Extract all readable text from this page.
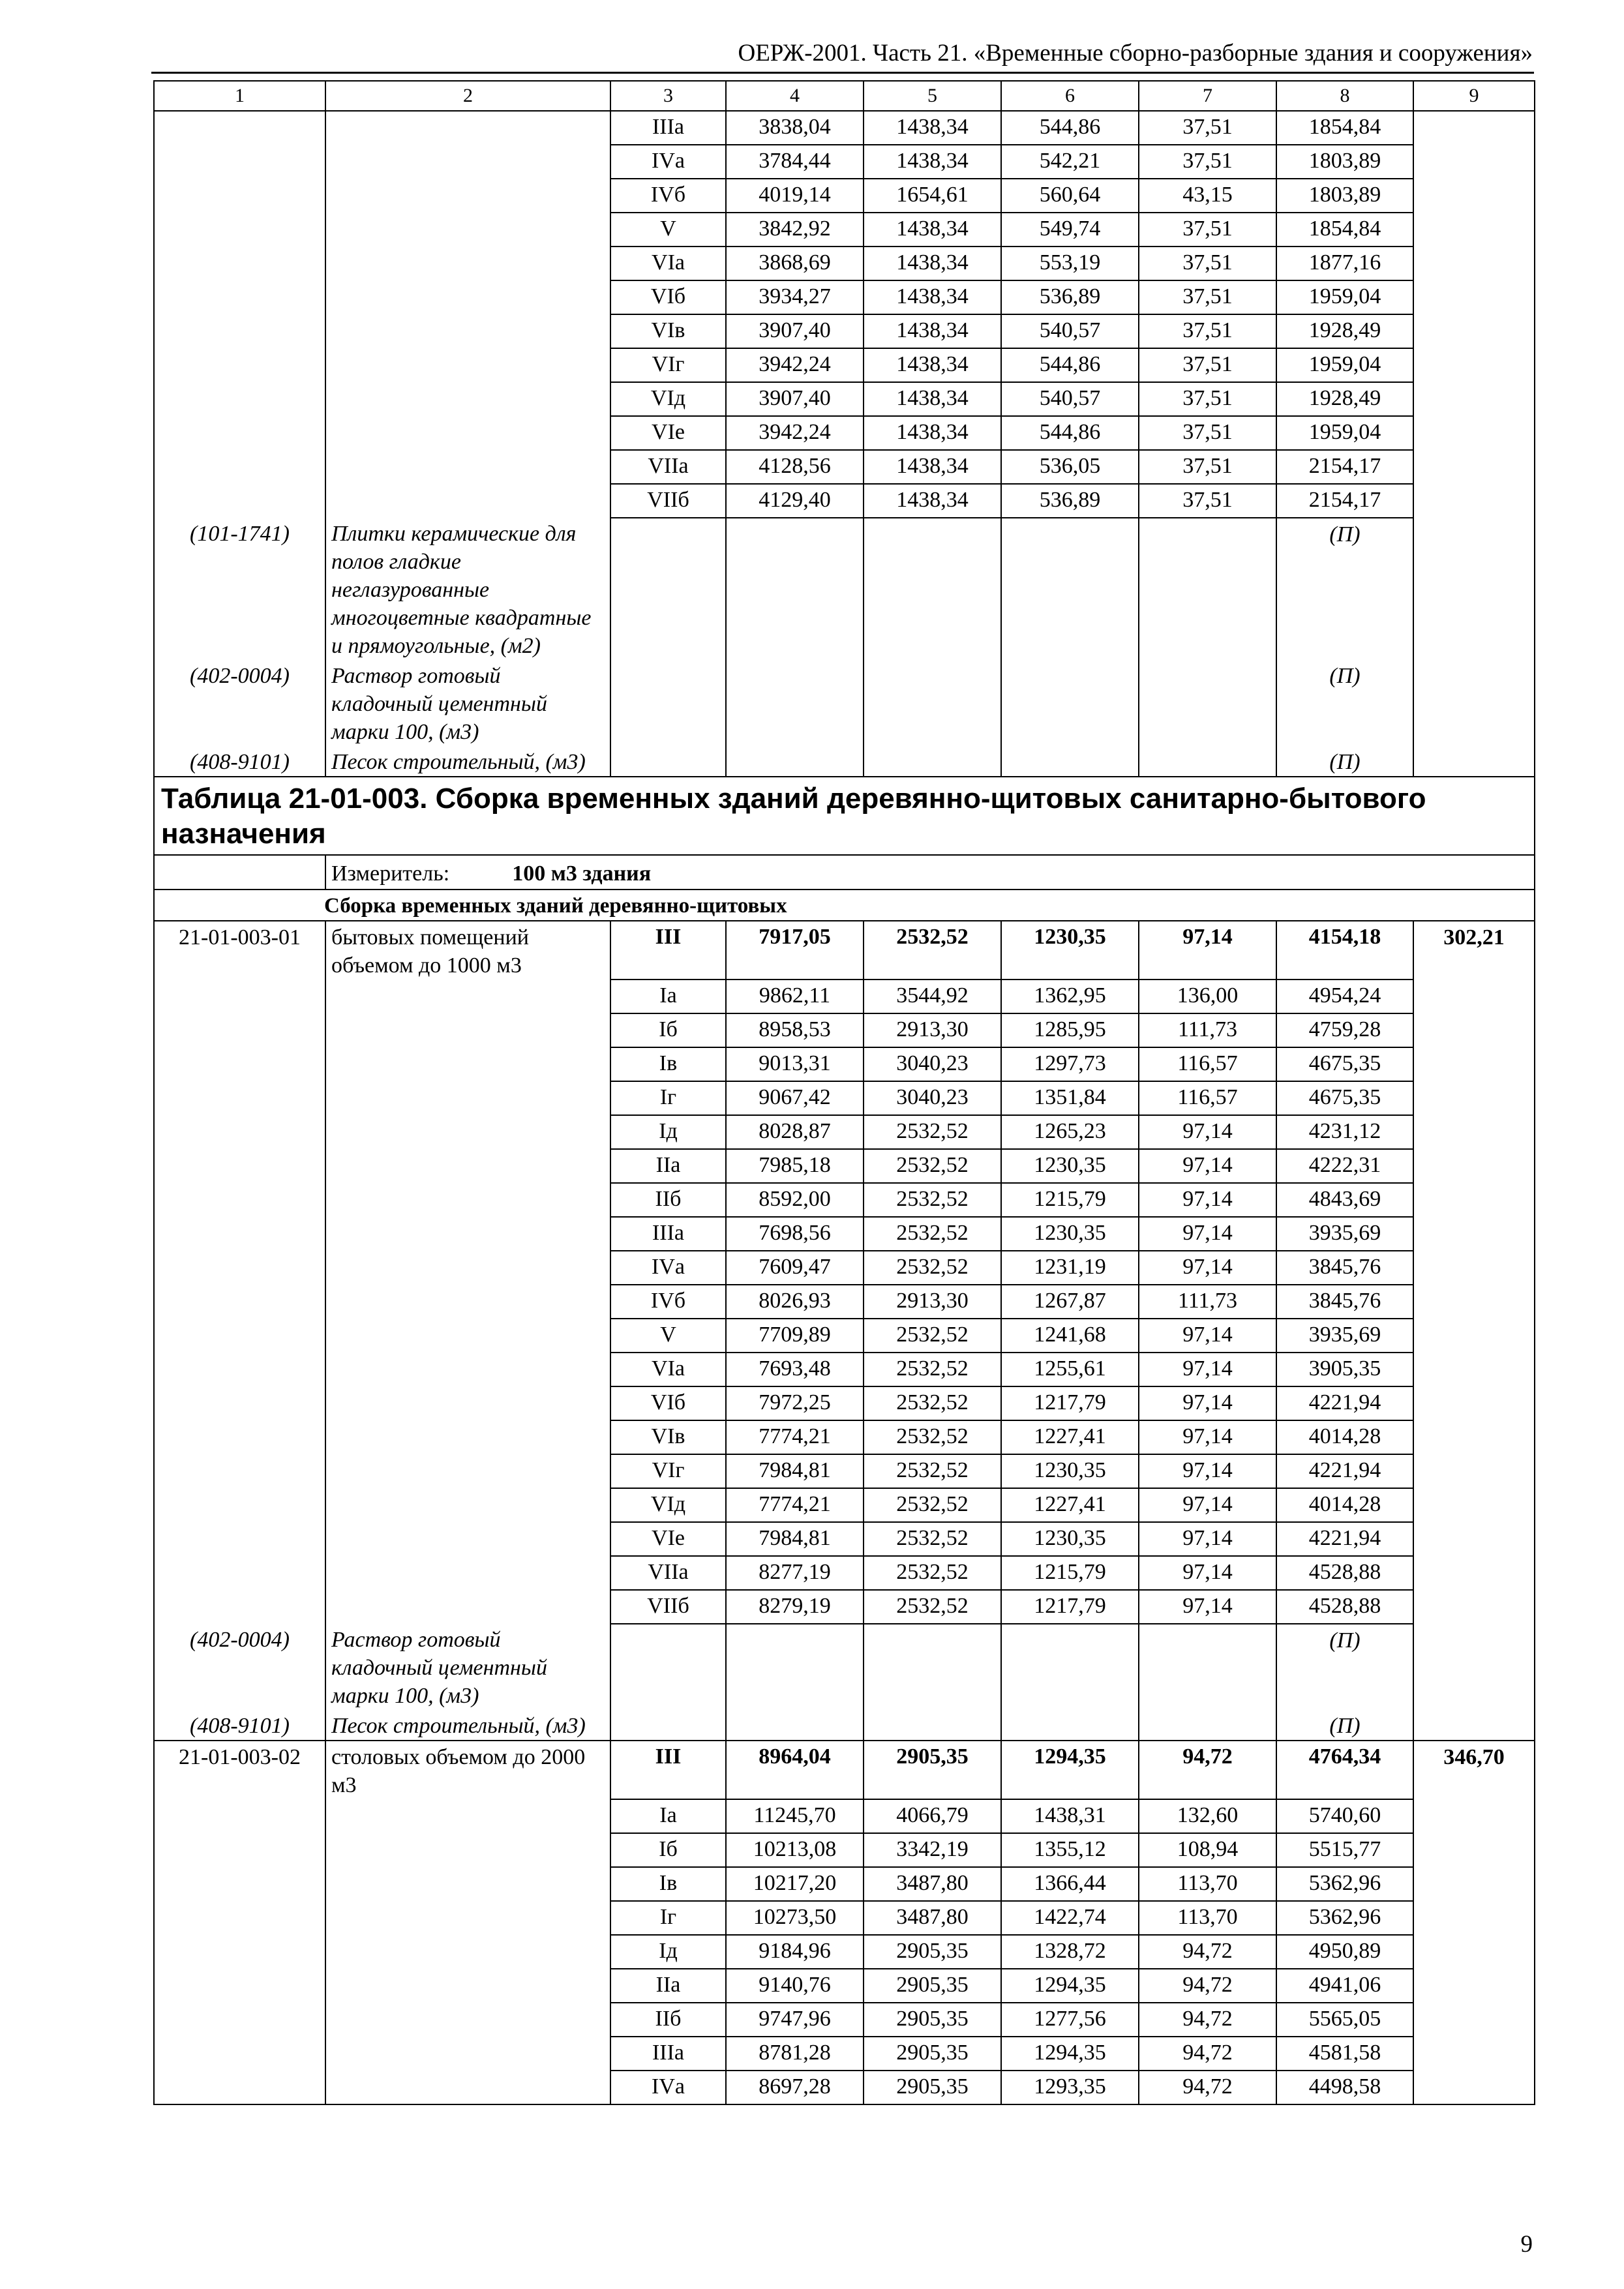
ОЕРЖ-2001. Часть 21. «Временные сборно-разборные здания и сооружения»
1	2	3	4	5	6	7	8	9
		IIIа	3838,04	1438,34	544,86	37,51	1854,84	
		IVа	3784,44	1438,34	542,21	37,51	1803,89	
		IVб	4019,14	1654,61	560,64	43,15	1803,89	
		V	3842,92	1438,34	549,74	37,51	1854,84	
		VIа	3868,69	1438,34	553,19	37,51	1877,16	
		VIб	3934,27	1438,34	536,89	37,51	1959,04	
		VIв	3907,40	1438,34	540,57	37,51	1928,49	
		VIг	3942,24	1438,34	544,86	37,51	1959,04	
		VIд	3907,40	1438,34	540,57	37,51	1928,49	
		VIе	3942,24	1438,34	544,86	37,51	1959,04	
		VIIа	4128,56	1438,34	536,05	37,51	2154,17	
		VIIб	4129,40	1438,34	536,89	37,51	2154,17	
(101-1741)	Плитки керамические для полов гладкие неглазурованные многоцветные квадратные и прямоугольные, (м2)						(П)	
(402-0004)	Раствор готовый кладочный цементный марки 100, (м3)						(П)	
(408-9101)	Песок строительный, (м3)						(П)	
Таблица 21-01-003. Сборка временных зданий деревянно-щитовых санитарно-бытового назначения								
	Измеритель: 100 м3 здания							
Сборка временных зданий деревянно-щитовых								
21-01-003-01	бытовых помещений объемом до 1000 м3	III	7917,05	2532,52	1230,35	97,14	4154,18	302,21
		Iа	9862,11	3544,92	1362,95	136,00	4954,24	
		Iб	8958,53	2913,30	1285,95	111,73	4759,28	
		Iв	9013,31	3040,23	1297,73	116,57	4675,35	
		Iг	9067,42	3040,23	1351,84	116,57	4675,35	
		Iд	8028,87	2532,52	1265,23	97,14	4231,12	
		IIа	7985,18	2532,52	1230,35	97,14	4222,31	
		IIб	8592,00	2532,52	1215,79	97,14	4843,69	
		IIIа	7698,56	2532,52	1230,35	97,14	3935,69	
		IVа	7609,47	2532,52	1231,19	97,14	3845,76	
		IVб	8026,93	2913,30	1267,87	111,73	3845,76	
		V	7709,89	2532,52	1241,68	97,14	3935,69	
		VIа	7693,48	2532,52	1255,61	97,14	3905,35	
		VIб	7972,25	2532,52	1217,79	97,14	4221,94	
		VIв	7774,21	2532,52	1227,41	97,14	4014,28	
		VIг	7984,81	2532,52	1230,35	97,14	4221,94	
		VIд	7774,21	2532,52	1227,41	97,14	4014,28	
		VIе	7984,81	2532,52	1230,35	97,14	4221,94	
		VIIа	8277,19	2532,52	1215,79	97,14	4528,88	
		VIIб	8279,19	2532,52	1217,79	97,14	4528,88	
(402-0004)	Раствор готовый кладочный цементный марки 100, (м3)						(П)	
(408-9101)	Песок строительный, (м3)						(П)	
21-01-003-02	столовых объемом до 2000 м3	III	8964,04	2905,35	1294,35	94,72	4764,34	346,70
		Iа	11245,70	4066,79	1438,31	132,60	5740,60	
		Iб	10213,08	3342,19	1355,12	108,94	5515,77	
		Iв	10217,20	3487,80	1366,44	113,70	5362,96	
		Iг	10273,50	3487,80	1422,74	113,70	5362,96	
		Iд	9184,96	2905,35	1328,72	94,72	4950,89	
		IIа	9140,76	2905,35	1294,35	94,72	4941,06	
		IIб	9747,96	2905,35	1277,56	94,72	5565,05	
		IIIа	8781,28	2905,35	1294,35	94,72	4581,58	
		IVа	8697,28	2905,35	1293,35	94,72	4498,58	
9
